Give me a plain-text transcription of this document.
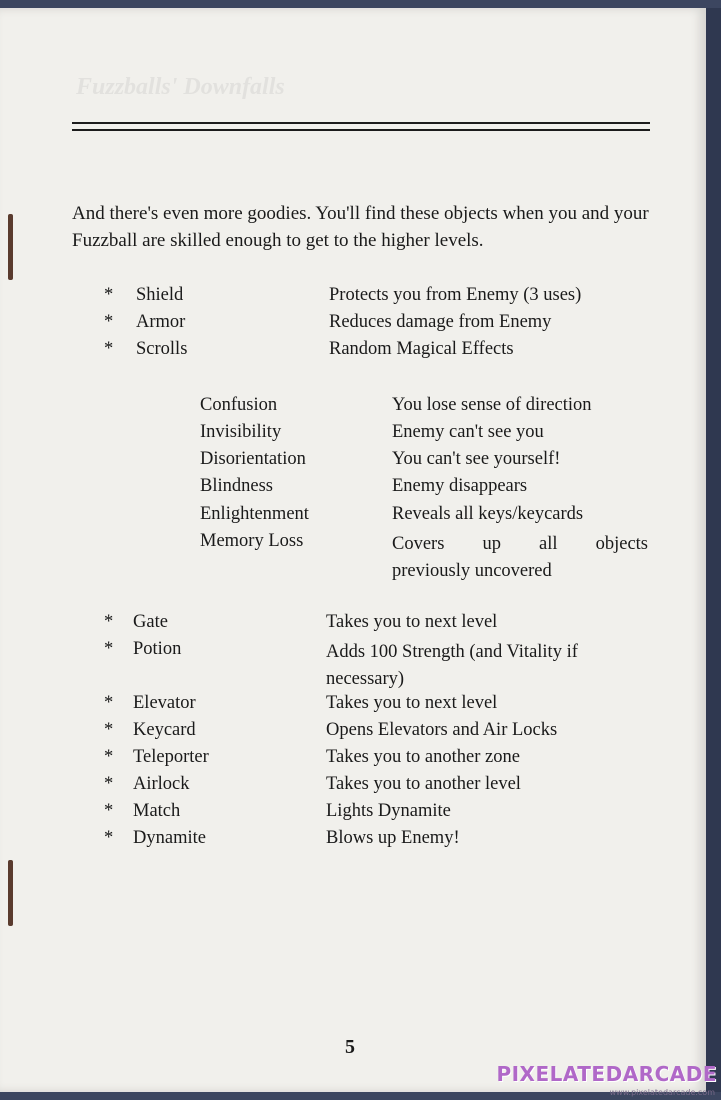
Fuzzballs' Downfalls

And there's even more goodies. You'll find these objects when you and your Fuzzball are skilled enough to get to the higher levels.

* Shield	Protects you from Enemy (3 uses)
* Armor	Reduces damage from Enemy
* Scrolls	Random Magical Effects
Confusion	You lose sense of direction
Invisibility	Enemy can't see you
Disorientation	You can't see yourself!
Blindness	Enemy disappears
Enlightenment	Reveals all keys/keycards
Memory Loss	Covers up all objects
previously uncovered
* Gate	Takes you to next level
* Potion	Adds 100 Strength (and Vitality if
necessary)
* Elevator	Takes you to next level
* Keycard	Opens Elevators and Air Locks
* Teleporter	Takes you to another zone
* Airlock	Takes you to another level
* Match	Lights Dynamite
* Dynamite	Blows up Enemy!
5
PIXELATEDARCADE
www.pixelatedarcade.com
